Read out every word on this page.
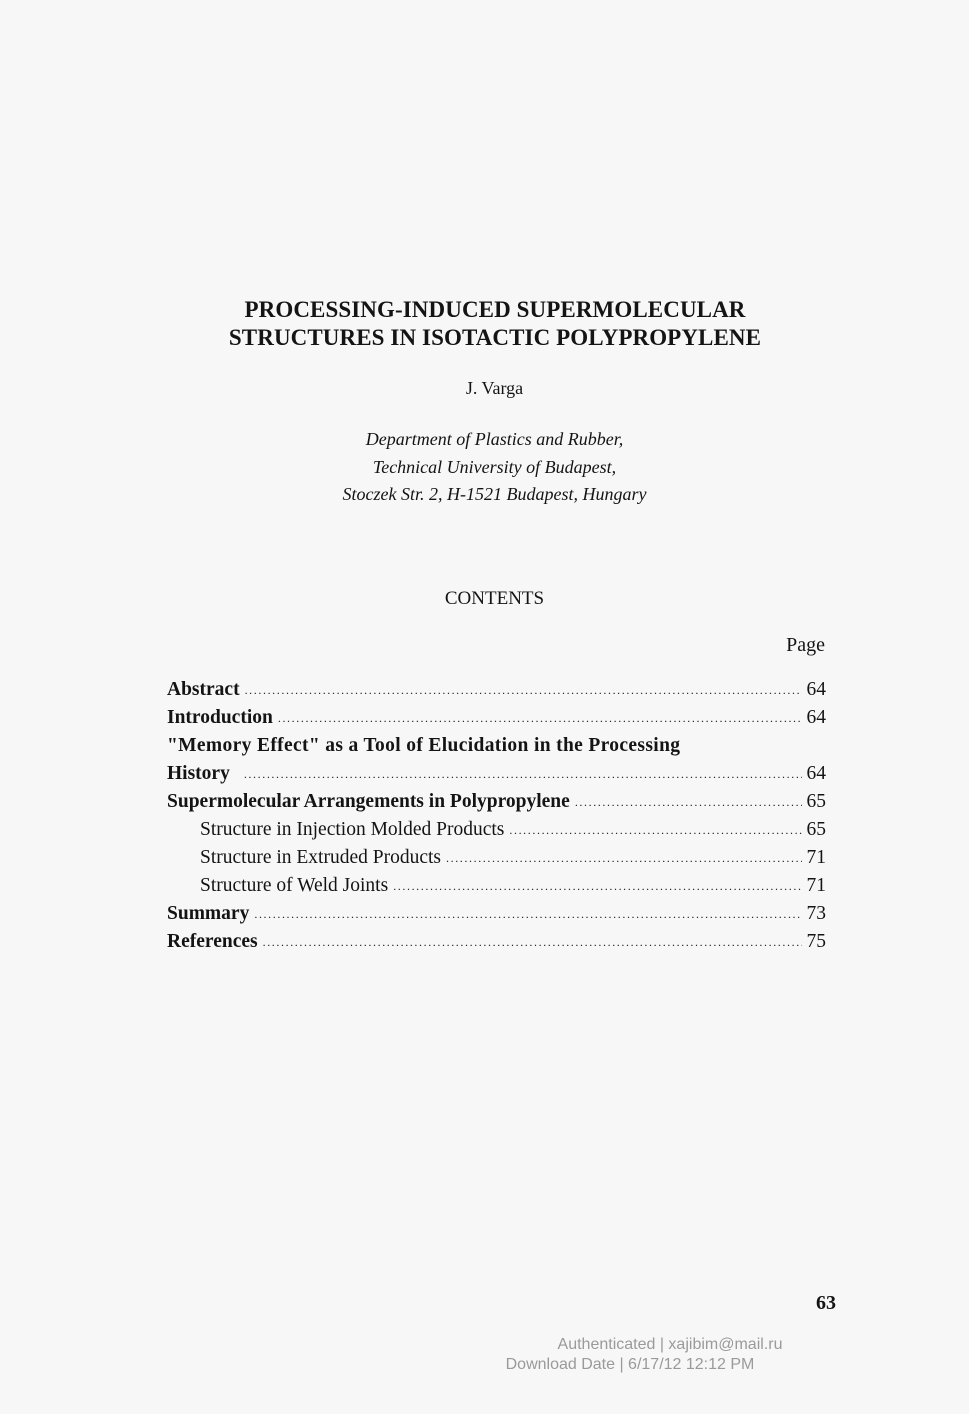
PROCESSING-INDUCED SUPERMOLECULAR
STRUCTURES IN ISOTACTIC POLYPROPYLENE
J. Varga
Department of Plastics and Rubber,
Technical University of Budapest,
Stoczek Str. 2, H-1521 Budapest, Hungary
CONTENTS
Page
Abstract .....	64
Introduction .....	64
"Memory Effect" as a Tool of Elucidation in the Processing
History .....	64
Supermolecular Arrangements in Polypropylene .....	65
Structure in Injection Molded Products .....	65
Structure in Extruded Products .....	71
Structure of Weld Joints .....	71
Summary .....	73
References .....	75
63
Authenticated | xajibim@mail.ru
Download Date | 6/17/12 12:12 PM
